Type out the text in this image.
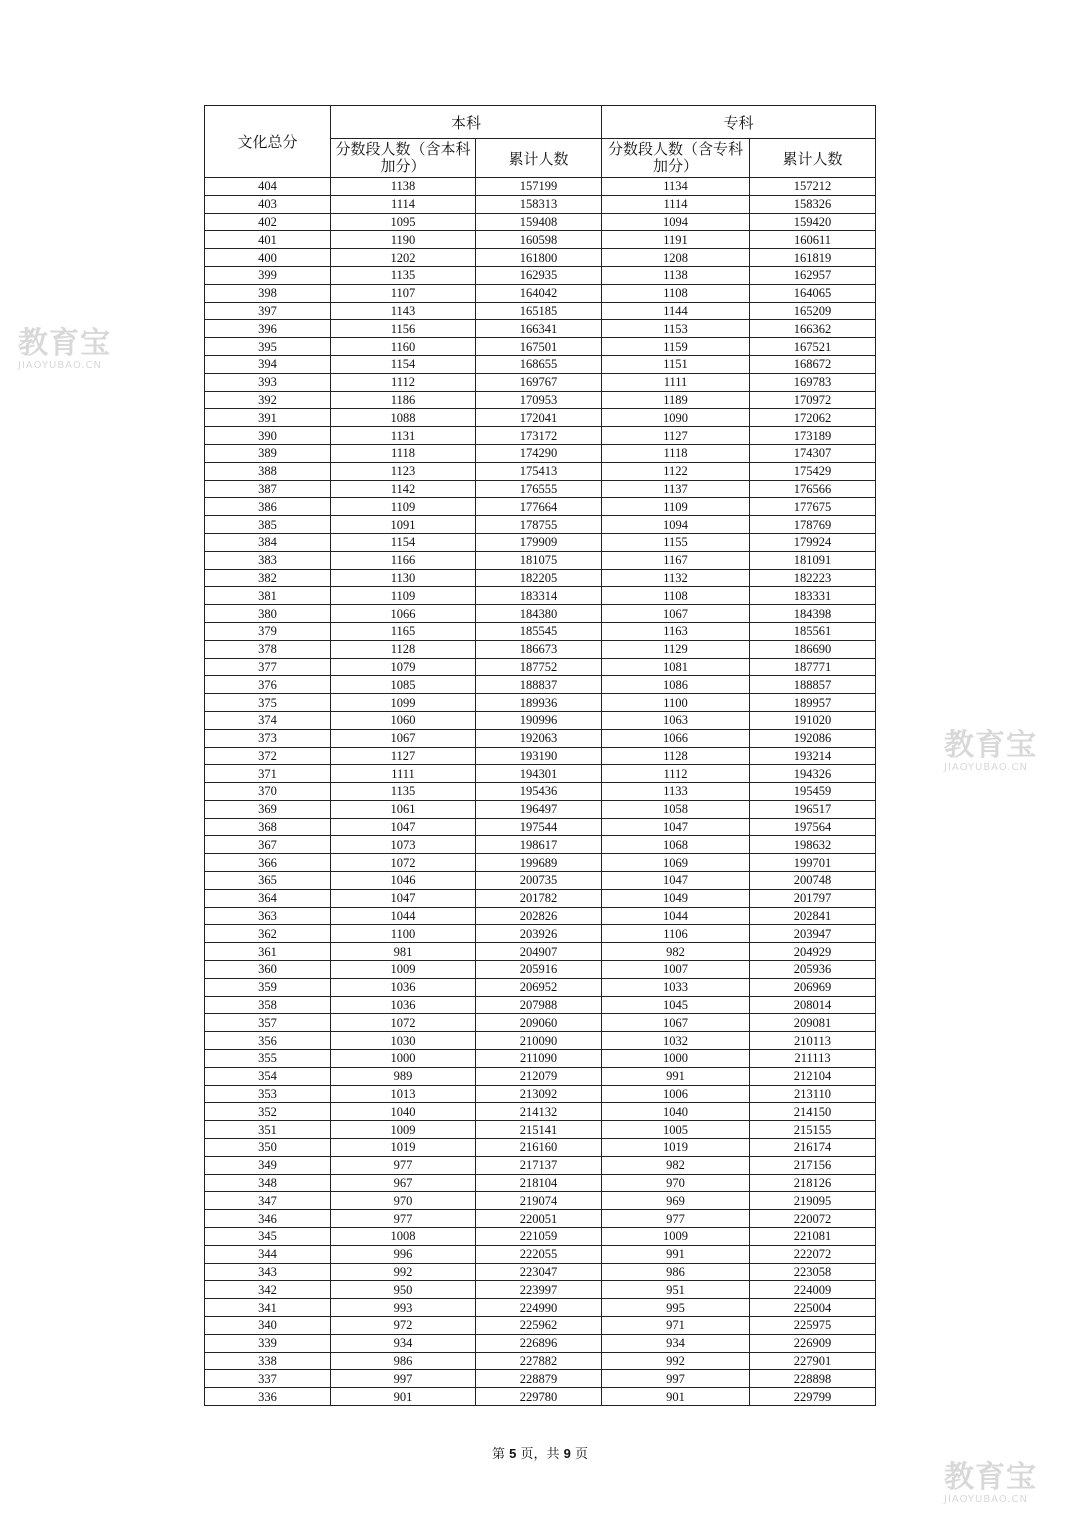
教育宝
JIAOYUBAO.CN
教育宝
JIAOYUBAO.CN
教育宝
JIAOYUBAO.CN
文化总分	本科		专科	
	分数段人数（含本科加分）	累计人数	分数段人数（含专科加分）	累计人数
404	1138	157199	1134	157212
403	1114	158313	1114	158326
402	1095	159408	1094	159420
401	1190	160598	1191	160611
400	1202	161800	1208	161819
399	1135	162935	1138	162957
398	1107	164042	1108	164065
397	1143	165185	1144	165209
396	1156	166341	1153	166362
395	1160	167501	1159	167521
394	1154	168655	1151	168672
393	1112	169767	1111	169783
392	1186	170953	1189	170972
391	1088	172041	1090	172062
390	1131	173172	1127	173189
389	1118	174290	1118	174307
388	1123	175413	1122	175429
387	1142	176555	1137	176566
386	1109	177664	1109	177675
385	1091	178755	1094	178769
384	1154	179909	1155	179924
383	1166	181075	1167	181091
382	1130	182205	1132	182223
381	1109	183314	1108	183331
380	1066	184380	1067	184398
379	1165	185545	1163	185561
378	1128	186673	1129	186690
377	1079	187752	1081	187771
376	1085	188837	1086	188857
375	1099	189936	1100	189957
374	1060	190996	1063	191020
373	1067	192063	1066	192086
372	1127	193190	1128	193214
371	1111	194301	1112	194326
370	1135	195436	1133	195459
369	1061	196497	1058	196517
368	1047	197544	1047	197564
367	1073	198617	1068	198632
366	1072	199689	1069	199701
365	1046	200735	1047	200748
364	1047	201782	1049	201797
363	1044	202826	1044	202841
362	1100	203926	1106	203947
361	981	204907	982	204929
360	1009	205916	1007	205936
359	1036	206952	1033	206969
358	1036	207988	1045	208014
357	1072	209060	1067	209081
356	1030	210090	1032	210113
355	1000	211090	1000	211113
354	989	212079	991	212104
353	1013	213092	1006	213110
352	1040	214132	1040	214150
351	1009	215141	1005	215155
350	1019	216160	1019	216174
349	977	217137	982	217156
348	967	218104	970	218126
347	970	219074	969	219095
346	977	220051	977	220072
345	1008	221059	1009	221081
344	996	222055	991	222072
343	992	223047	986	223058
342	950	223997	951	224009
341	993	224990	995	225004
340	972	225962	971	225975
339	934	226896	934	226909
338	986	227882	992	227901
337	997	228879	997	228898
336	901	229780	901	229799
第 5 页，共 9 页
